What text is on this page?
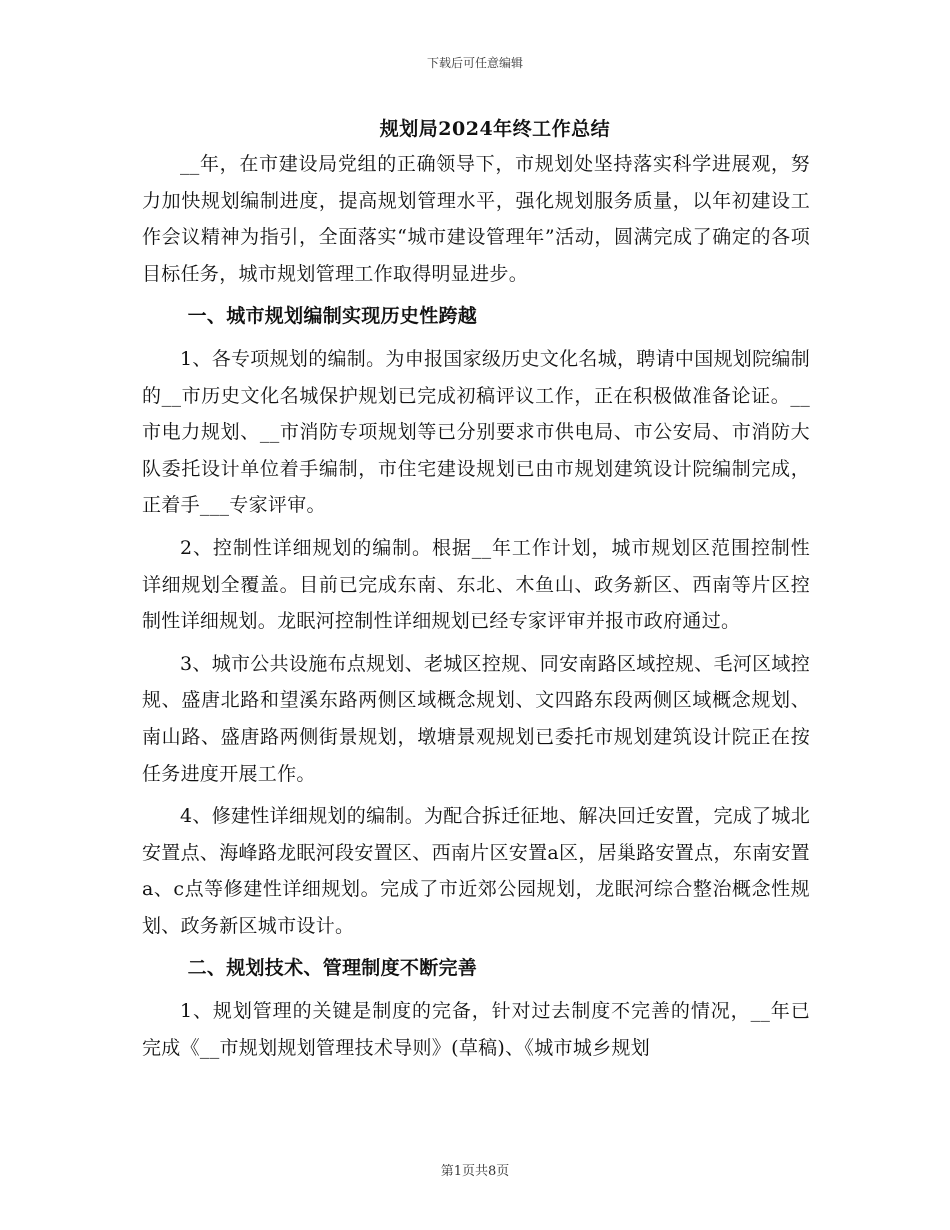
下载后可任意编辑
规划局2024年终工作总结

__年，在市建设局党组的正确领导下，市规划处坚持落实科学进展观，努力加快规划编制进度，提高规划管理水平，强化规划服务质量，以年初建设工作会议精神为指引，全面落实“城市建设管理年”活动，圆满完成了确定的各项目标任务，城市规划管理工作取得明显进步。

一、城市规划编制实现历史性跨越

1、各专项规划的编制。为申报国家级历史文化名城，聘请中国规划院编制的__市历史文化名城保护规划已完成初稿评议工作，正在积极做准备论证。__市电力规划、__市消防专项规划等已分别要求市供电局、市公安局、市消防大队委托设计单位着手编制，市住宅建设规划已由市规划建筑设计院编制完成，正着手___专家评审。

2、控制性详细规划的编制。根据__年工作计划，城市规划区范围控制性详细规划全覆盖。目前已完成东南、东北、木鱼山、政务新区、西南等片区控制性详细规划。龙眠河控制性详细规划已经专家评审并报市政府通过。

3、城市公共设施布点规划、老城区控规、同安南路区域控规、毛河区域控规、盛唐北路和望溪东路两侧区域概念规划、文四路东段两侧区域概念规划、南山路、盛唐路两侧街景规划，墩塘景观规划已委托市规划建筑设计院正在按任务进度开展工作。

4、修建性详细规划的编制。为配合拆迁征地、解决回迁安置，完成了城北安置点、海峰路龙眠河段安置区、西南片区安置a区，居巢路安置点，东南安置a、c点等修建性详细规划。完成了市近郊公园规划，龙眠河综合整治概念性规划、政务新区城市设计。

二、规划技术、管理制度不断完善

1、规划管理的关键是制度的完备，针对过去制度不完善的情况，__年已完成《__市规划规划管理技术导则》(草稿)、《城市城乡规划

第1页共8页
